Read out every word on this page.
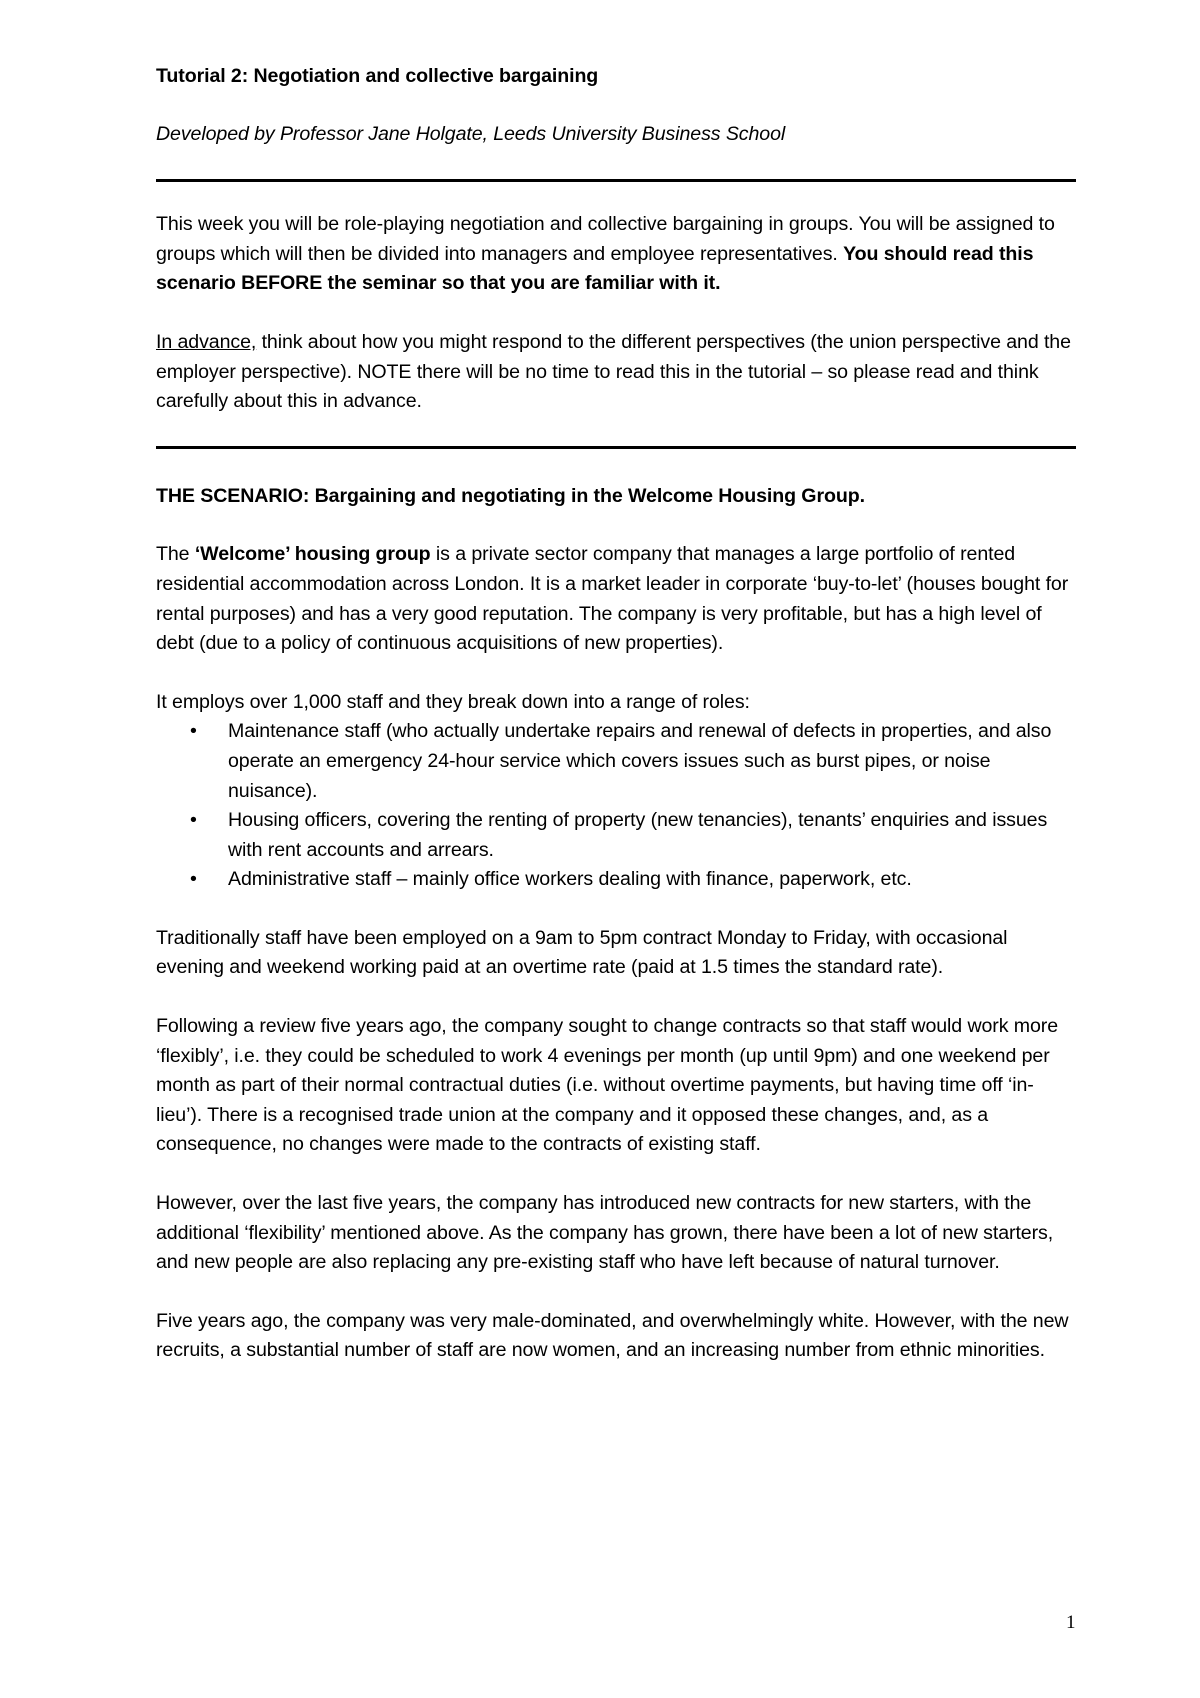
Tutorial 2: Negotiation and collective bargaining

Developed by Professor Jane Holgate, Leeds University Business School

This week you will be role-playing negotiation and collective bargaining in groups. You will be assigned to groups which will then be divided into managers and employee representatives. You should read this scenario BEFORE the seminar so that you are familiar with it.

In advance, think about how you might respond to the different perspectives (the union perspective and the employer perspective). NOTE there will be no time to read this in the tutorial – so please read and think carefully about this in advance.

THE SCENARIO: Bargaining and negotiating in the Welcome Housing Group.

The ‘Welcome’ housing group is a private sector company that manages a large portfolio of rented residential accommodation across London. It is a market leader in corporate ‘buy-to-let’ (houses bought for rental purposes) and has a very good reputation. The company is very profitable, but has a high level of debt (due to a policy of continuous acquisitions of new properties).

It employs over 1,000 staff and they break down into a range of roles:

• Maintenance staff (who actually undertake repairs and renewal of defects in properties, and also operate an emergency 24-hour service which covers issues such as burst pipes, or noise nuisance).
• Housing officers, covering the renting of property (new tenancies), tenants’ enquiries and issues with rent accounts and arrears.
• Administrative staff – mainly office workers dealing with finance, paperwork, etc.

Traditionally staff have been employed on a 9am to 5pm contract Monday to Friday, with occasional evening and weekend working paid at an overtime rate (paid at 1.5 times the standard rate).

Following a review five years ago, the company sought to change contracts so that staff would work more ‘flexibly’, i.e. they could be scheduled to work 4 evenings per month (up until 9pm) and one weekend per month as part of their normal contractual duties (i.e. without overtime payments, but having time off ‘in-lieu’). There is a recognised trade union at the company and it opposed these changes, and, as a consequence, no changes were made to the contracts of existing staff.

However, over the last five years, the company has introduced new contracts for new starters, with the additional ‘flexibility’ mentioned above. As the company has grown, there have been a lot of new starters, and new people are also replacing any pre-existing staff who have left because of natural turnover.

Five years ago, the company was very male-dominated, and overwhelmingly white. However, with the new recruits, a substantial number of staff are now women, and an increasing number from ethnic minorities.

1
